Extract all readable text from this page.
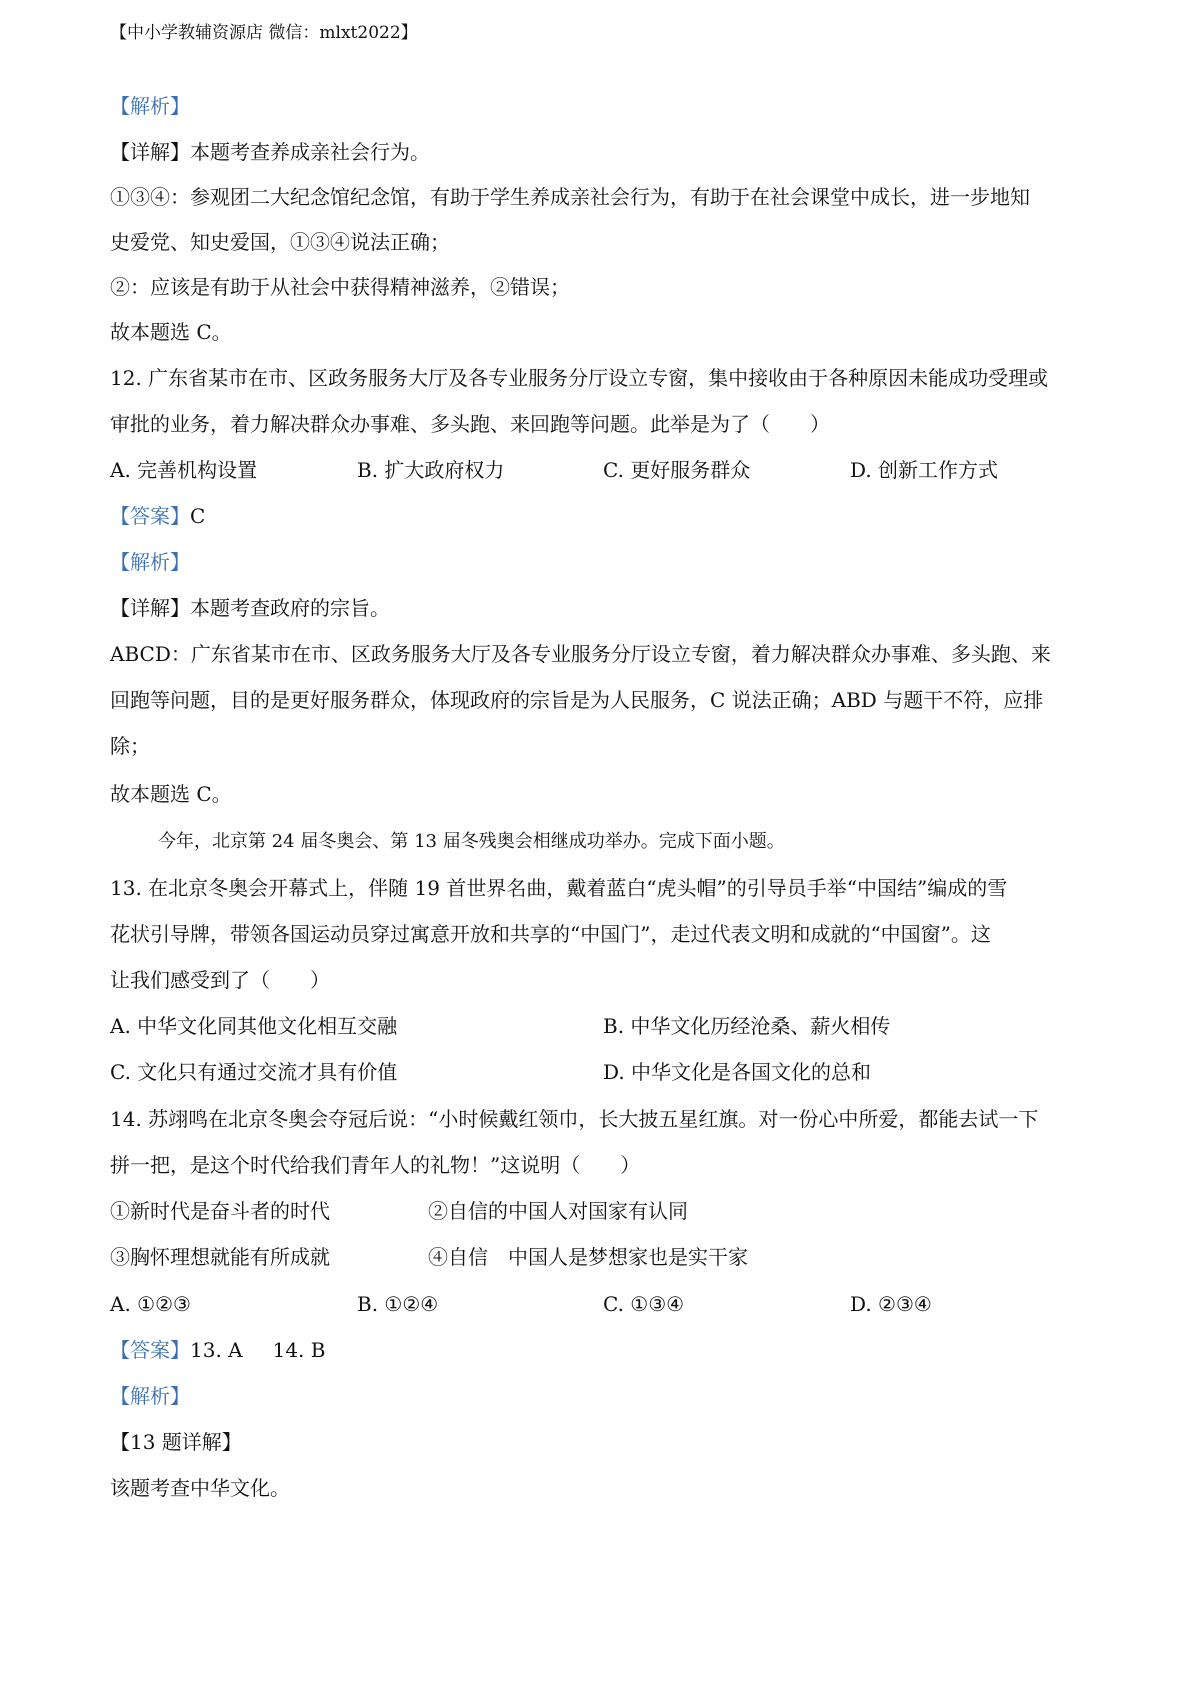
【中小学教辅资源店 微信：mlxt2022】
【解析】
【详解】本题考查养成亲社会行为。
①③④：参观团二大纪念馆纪念馆，有助于学生养成亲社会行为，有助于在社会课堂中成长，进一步地知
史爱党、知史爱国，①③④说法正确；
②：应该是有助于从社会中获得精神滋养，②错误；
故本题选 C。
12. 广东省某市在市、区政务服务大厅及各专业服务分厅设立专窗，集中接收由于各种原因未能成功受理或
审批的业务，着力解决群众办事难、多头跑、来回跑等问题。此举是为了（　　）
A. 完善机构设置	B. 扩大政府权力	C. 更好服务群众	D. 创新工作方式
【答案】C
【解析】
【详解】本题考查政府的宗旨。
ABCD：广东省某市在市、区政务服务大厅及各专业服务分厅设立专窗，着力解决群众办事难、多头跑、来
回跑等问题，目的是更好服务群众，体现政府的宗旨是为人民服务，C 说法正确；ABD 与题干不符，应排
除；
故本题选 C。
今年，北京第 24 届冬奥会、第 13 届冬残奥会相继成功举办。完成下面小题。
13. 在北京冬奥会开幕式上，伴随 19 首世界名曲，戴着蓝白“虎头帽”的引导员手举“中国结”编成的雪
花状引导牌，带领各国运动员穿过寓意开放和共享的“中国门”，走过代表文明和成就的“中国窗”。这
让我们感受到了（　　）
A. 中华文化同其他文化相互交融	B. 中华文化历经沧桑、薪火相传
C. 文化只有通过交流才具有价值	D. 中华文化是各国文化的总和
14. 苏翊鸣在北京冬奥会夺冠后说：“小时候戴红领巾，长大披五星红旗。对一份心中所爱，都能去试一下
拼一把，是这个时代给我们青年人的礼物！”这说明（　　）
①新时代是奋斗者的时代	②自信的中国人对国家有认同
③胸怀理想就能有所成就	④自信　中国人是梦想家也是实干家
A. ①②③	B. ①②④	C. ①③④	D. ②③④
【答案】13. A 14. B
【解析】
【13 题详解】
该题考查中华文化。
